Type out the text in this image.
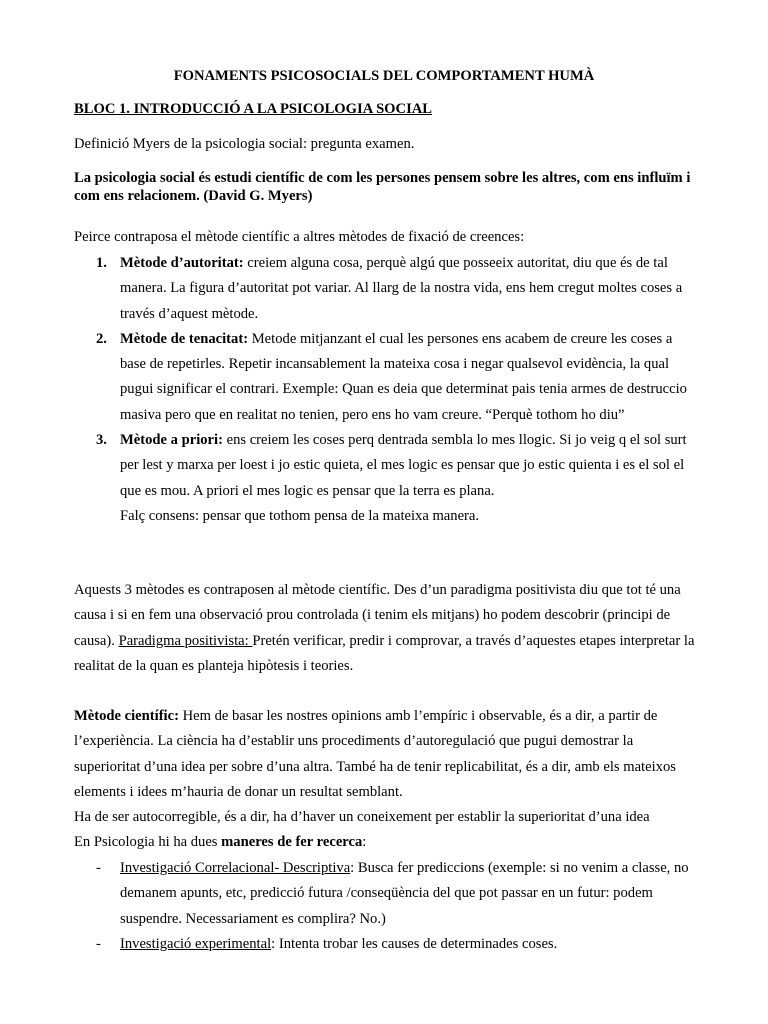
FONAMENTS PSICOSOCIALS DEL COMPORTAMENT HUMÀ
BLOC 1. INTRODUCCIÓ A LA PSICOLOGIA SOCIAL
Definició Myers de la psicologia social: pregunta examen.
La psicologia social és estudi científic de com les persones pensem sobre les altres, com ens influïm i com ens relacionem. (David G. Myers)
Peirce contraposa el mètode científic a altres mètodes de fixació de creences:
1. Mètode d’autoritat: creiem alguna cosa, perquè algú que posseeix autoritat, diu que és de tal manera. La figura d’autoritat pot variar. Al llarg de la nostra vida, ens hem cregut moltes coses a través d’aquest mètode.
2. Mètode de tenacitat: Metode mitjanzant el cual les persones ens acabem de creure les coses a base de repetirles. Repetir incansablement la mateixa cosa i negar qualsevol evidència, la qual pugui significar el contrari. Exemple: Quan es deia que determinat pais tenia armes de destruccio masiva pero que en realitat no tenien, pero ens ho vam creure. “Perquè tothom ho diu”
3. Mètode a priori: ens creiem les coses perq dentrada sembla lo mes llogic. Si jo veig q el sol surt per lest y marxa per loest i jo estic quieta, el mes logic es pensar que jo estic quienta i es el sol el que es mou. A priori el mes logic es pensar que la terra es plana.
Falç consens: pensar que tothom pensa de la mateixa manera.
Aquests 3 mètodes es contraposen al mètode científic. Des d’un paradigma positivista diu que tot té una causa i si en fem una observació prou controlada (i tenim els mitjans) ho podem descobrir (principi de causa). Paradigma positivista: Pretén verificar, predir i comprovar, a través d’aquestes etapes interpretar la realitat de la quan es planteja hipòtesis i teories.
Mètode científic: Hem de basar les nostres opinions amb l’empíric i observable, és a dir, a partir de l’experiència. La ciència ha d’establir uns procediments d’autoregulació que pugui demostrar la superioritat d’una idea per sobre d’una altra. També ha de tenir replicabilitat, és a dir, amb els mateixos elements i idees m’hauria de donar un resultat semblant.
Ha de ser autocorregible, és a dir, ha d’haver un coneixement per establir la superioritat d’una idea
En Psicologia hi ha dues maneres de fer recerca:
- Investigació Correlacional- Descriptiva: Busca fer prediccions (exemple: si no venim a classe, no demanem apunts, etc, predicció futura /conseqüència del que pot passar en un futur: podem suspendre. Necessariament es complira? No.)
- Investigació experimental: Intenta trobar les causes de determinades coses.
